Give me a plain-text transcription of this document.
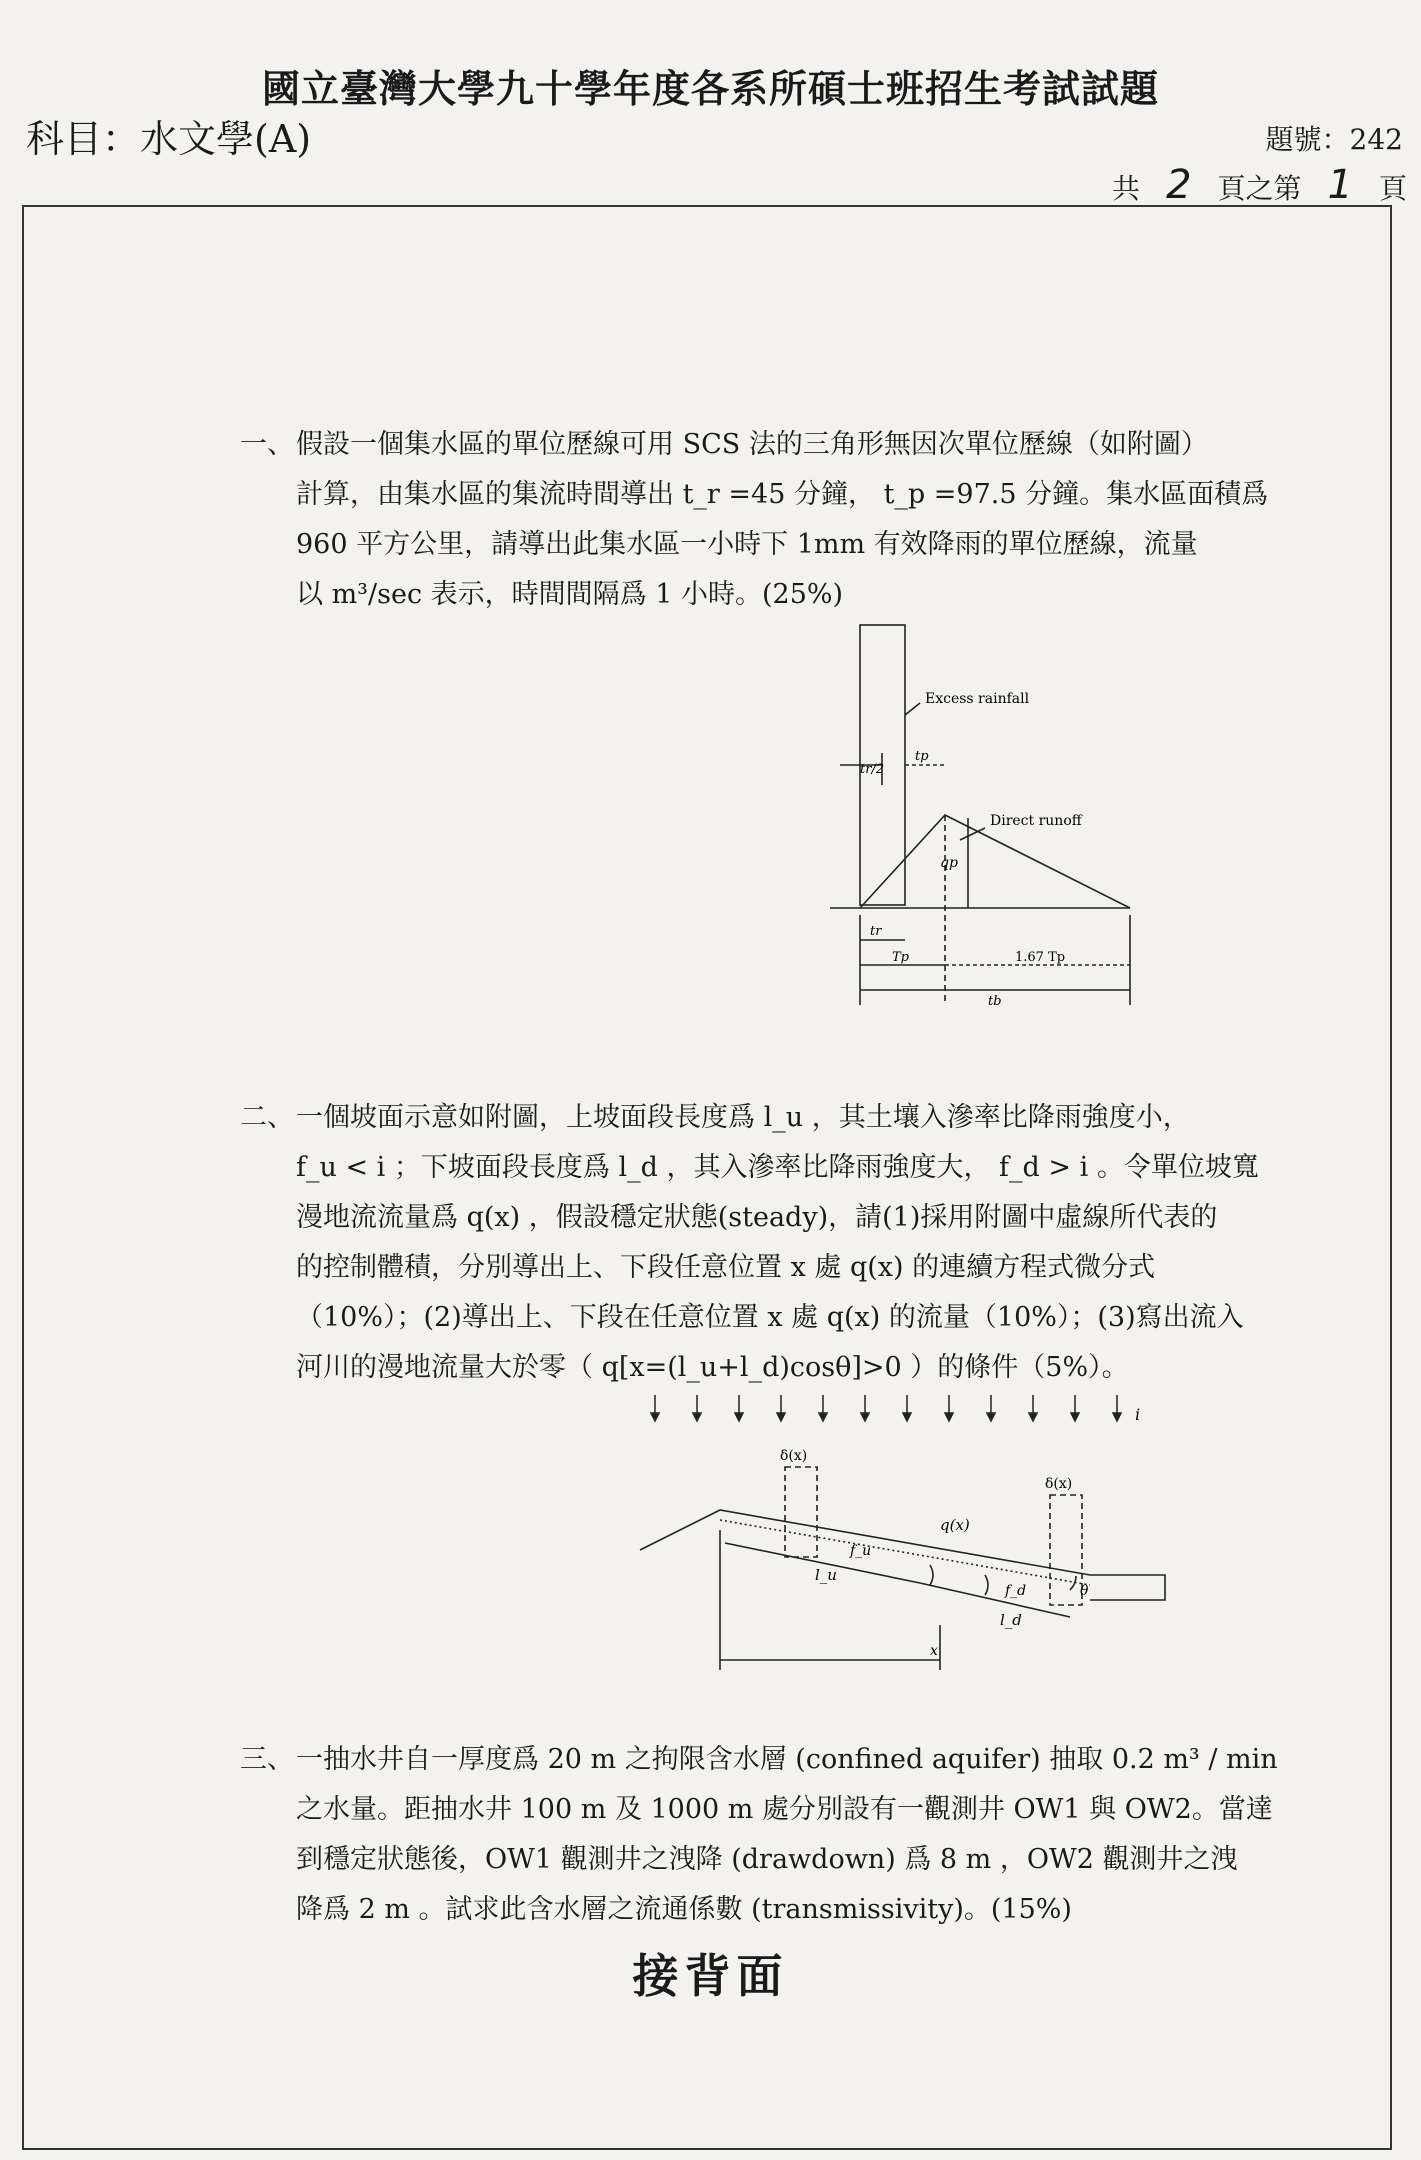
國立臺灣大學九十學年度各系所碩士班招生考試試題
科目：水文學(A)	題號：242
共 2 頁之第 1 頁
一、 假設一個集水區的單位歷線可用 SCS 法的三角形無因次單位歷線（如附圖）

計算，由集水區的集流時間導出 t_r =45 分鐘， t_p =97.5 分鐘。集水區面積爲

960 平方公里，請導出此集水區一小時下 1mm 有效降雨的單位歷線，流量

以 m³/sec 表示，時間間隔爲 1 小時。(25%)

Excess rainfall
Direct runoff
tr/2
tp
qp
tr
Tp	1.67 Tp
tb
二、 一個坡面示意如附圖，上坡面段長度爲 l_u ，其土壤入滲率比降雨強度小，

f_u < i ；下坡面段長度爲 l_d ，其入滲率比降雨強度大， f_d > i 。令單位坡寬

漫地流流量爲 q(x) ，假設穩定狀態(steady)，請(1)採用附圖中虛線所代表的

的控制體積，分別導出上、下段任意位置 x 處 q(x) 的連續方程式微分式

（10%）；(2)導出上、下段在任意位置 x 處 q(x) 的流量（10%）；(3)寫出流入

河川的漫地流量大於零（ q[x=(l_u+l_d)cosθ]>0 ）的條件（5%）。

i
δ(x)
δ(x)
q(x)
f_u
f_d
l_u
l_d
x
θ
三、 一抽水井自一厚度爲 20 m 之拘限含水層 (confined aquifer) 抽取 0.2 m³ / min

之水量。距抽水井 100 m 及 1000 m 處分別設有一觀測井 OW1 與 OW2。當達

到穩定狀態後，OW1 觀測井之洩降 (drawdown) 爲 8 m ，OW2 觀測井之洩

降爲 2 m 。試求此含水層之流通係數 (transmissivity)。(15%)

接背面
